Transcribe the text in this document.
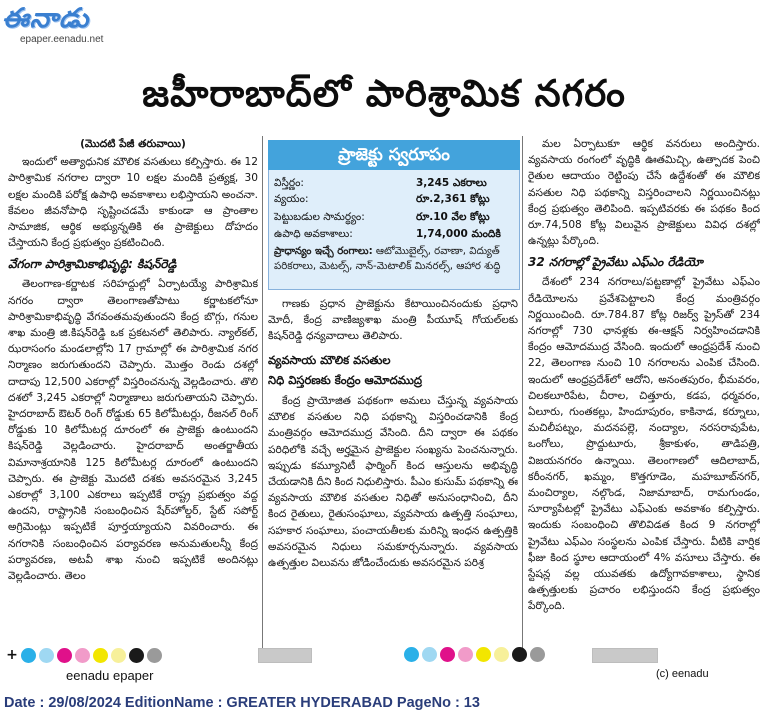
ఈనాడు
epaper.eenadu.net
జహీరాబాద్‌లో పారిశ్రామిక నగరం

(మొదటి పేజీ తరువాయి)

ఇందులో అత్యాధునిక మౌలిక వసతులు కల్పిస్తారు. ఈ 12 పారిశ్రామిక నగరాల ద్వారా 10 లక్షల మందికి ప్రత్యక్ష, 30 లక్షల మందికి పరోక్ష ఉపాధి అవకాశాలు లభిస్తాయని అంచనా. కేవలం జీవనోపాధి సృష్టించడమే కాకుండా ఆ ప్రాంతాల సామాజిక, ఆర్థిక అభ్యున్నతికి ఈ ప్రాజెక్టులు దోహదం చేస్తాయని కేంద్ర ప్రభుత్వం ప్రకటించింది.

వేగంగా పారిశ్రామికాభివృద్ధి: కిషన్‌రెడ్డి

తెలంగాణ-కర్ణాటక సరిహద్దుల్లో ఏర్పాటయ్యే పారిశ్రామిక నగరం ద్వారా తెలంగాణతోపాటు కర్ణాటకలోనూ పారిశ్రామికాభివృద్ధి వేగవంతమవుతుందని కేంద్ర బొగ్గు, గనుల శాఖ మంత్రి జి.కిషన్‌రెడ్డి ఒక ప్రకటనలో తెలిపారు. న్యాల్‌కల్, ఝరాసంగం మండలాల్లోని 17 గ్రామాల్లో ఈ పారిశ్రామిక నగర నిర్మాణం జరుగుతుందని చెప్పారు. మొత్తం రెండు దశల్లో దాదాపు 12,500 ఎకరాల్లో విస్తరించనున్న వెల్లడించారు. తొలి దశలో 3,245 ఎకరాల్లో నిర్మాణాలు జరుగుతాయని చెప్పారు. హైదరాబాద్ ఔటర్ రింగ్ రోడ్డుకు 65 కిలోమీటర్లు, రీజనల్ రింగ్ రోడ్డుకు 10 కిలోమీటర్ల దూరంలో ఈ ప్రాజెక్టు ఉంటుందని కిషన్‌రెడ్డి వెల్లడించారు. హైదరాబాద్ అంతర్జాతీయ విమానాశ్రయానికి 125 కిలోమీటర్ల దూరంలో ఉంటుందని చెప్పారు. ఈ ప్రాజెక్టు మొదటి దశకు అవసరమైన 3,245 ఎకరాల్లో 3,100 ఎకరాలు ఇప్పటికే రాష్ట్ర ప్రభుత్వం వద్ద ఉందని, రాష్ట్రానికి సంబంధించిన షేర్‌హోల్డర్, స్టేట్ సపోర్ట్ అగ్రిమెంట్లు ఇప్పటికే పూర్తయ్యాయని వివరించారు. ఈ నగరానికి సంబంధించిన పర్యావరణ అనుమతులన్నీ కేంద్ర పర్యావరణ, అటవీ శాఖ నుంచి ఇప్పటికే అందినట్లు వెల్లడించారు. తెలం

ప్రాజెక్టు స్వరూపం
విస్తీర్ణం:	3,245 ఎకరాలు
వ్యయం:	రూ.2,361 కోట్లు
పెట్టుబడుల సామర్థ్యం:	రూ.10 వేల కోట్లు
ఉపాధి అవకాశాలు:	1,74,000 మందికి
ప్రాధాన్యం ఇచ్చే రంగాలు: ఆటోమొబైల్స్, రవాణా, విద్యుత్ పరికరాలు, మెటల్స్, నాన్-మెటాలిక్ మినరల్స్, ఆహార శుద్ధి

గాణకు ప్రధాన ప్రాజెక్టును కేటాయించినందుకు ప్రధాని మోదీ, కేంద్ర వాణిజ్యశాఖ మంత్రి పీయూష్ గోయల్‌లకు కిషన్‌రెడ్డి ధన్యవాదాలు తెలిపారు.

వ్యవసాయ మౌలిక వసతుల

నిధి విస్తరణకు కేంద్రం ఆమోదముద్ర

కేంద్ర ప్రాయోజిత పథకంగా అమలు చేస్తున్న వ్యవసాయ మౌలిక వసతుల నిధి పథకాన్ని విస్తరించడానికి కేంద్ర మంత్రివర్గం ఆమోదముద్ర వేసింది. దీని ద్వారా ఈ పథకం పరిధిలోకి వచ్చే అర్హమైన ప్రాజెక్టుల సంఖ్యను పెంచనున్నారు. ఇప్పుడు కమ్యూనిటీ ఫార్మింగ్ కింద ఆస్తులను అభివృద్ధి చేయడానికి దీని కింద నిధులిస్తారు. పీఎం కుసుమ్ పథకాన్ని ఈ వ్యవసాయ మౌలిక వసతుల నిధితో అనుసంధానించి, దీని కింద రైతులు, రైతుసంఘాలు, వ్యవసాయ ఉత్పత్తి సంఘాలు, సహకార సంఘాలు, పంచాయతీలకు మరిన్ని ఇంధన ఉత్పత్తికి అవసరమైన నిధులు సమకూర్చనున్నారు. వ్యవసాయ ఉత్పత్తుల విలువను జోడించేందుకు అవసరమైన పరిశ్ర

మల ఏర్పాటుకూ ఆర్థిక వనరులు అందిస్తారు. వ్యవసాయ రంగంలో వృద్ధికి ఊతమిచ్చి, ఉత్పాదక పెంచి రైతుల ఆదాయం రెట్టింపు చేసే ఉద్దేశంతో ఈ మౌలిక వసతుల నిధి పథకాన్ని విస్తరించాలని నిర్ణయించినట్లు కేంద్ర ప్రభుత్వం తెలిపింది. ఇప్పటివరకు ఈ పథకం కింద రూ.74,508 కోట్ల విలువైన ప్రాజెక్టులు వివిధ దశల్లో ఉన్నట్లు పేర్కొంది.

32 నగరాల్లో ప్రైవేటు ఎఫ్‌ఎం రేడియో

దేశంలో 234 నగరాలు/పట్టణాల్లో ప్రైవేటు ఎఫ్‌ఎం రేడియోలను ప్రవేశపెట్టాలని కేంద్ర మంత్రివర్గం నిర్ణయించింది. రూ.784.87 కోట్ల రిజర్వ్ ప్రైస్‌తో 234 నగరాల్లో 730 ఛానళ్లకు ఈ-ఆక్షన్ నిర్వహించడానికి కేంద్రం ఆమోదముద్ర వేసింది. ఇందులో ఆంధ్రప్రదేశ్ నుంచి 22, తెలంగాణ నుంచి 10 నగరాలను ఎంపిక చేసింది. ఇందులో ఆంధ్రప్రదేశ్‌లో ఆదోని, అనంతపురం, భీమవరం, చిలకలూరిపేట, చీరాల, చిత్తూరు, కడప, ధర్మవరం, ఏలూరు, గుంతకల్లు, హిందూపురం, కాకినాడ, కర్నూలు, మచిలీపట్నం, మదనపల్లె, నంద్యాల, నరసరావుపేట, ఒంగోలు, ప్రొద్దుటూరు, శ్రీకాకుళం, తాడిపత్రి, విజయనగరం ఉన్నాయి. తెలంగాణలో ఆదిలాబాద్, కరీంనగర్, ఖమ్మం, కొత్తగూడెం, మహబూబ్‌నగర్, మంచిర్యాల, నల్గొండ, నిజామాబాద్, రామగుండం, సూర్యాపేటల్లో ప్రైవేటు ఎఫ్‌ఎంకు అవకాశం కల్పిస్తారు. ఇందుకు సంబంధించి తొలివిడత కింద 9 నగరాల్లో ప్రైవేటు ఎఫ్‌ఎం సంస్థలను ఎంపిక చేస్తారు. వీటికి వార్షిక ఫీజు కింద స్థూల ఆదాయంలో 4% వసూలు చేస్తారు. ఈ స్టేషన్ల వల్ల యువతకు ఉద్యోగావకాశాలు, స్థానిక ఉత్పత్తులకు ప్రచారం లభిస్తుందని కేంద్ర ప్రభుత్వం పేర్కొంది.

+
eenadu epaper	(c) eenadu
Date : 29/08/2024 EditionName : GREATER HYDERABAD PageNo : 13
